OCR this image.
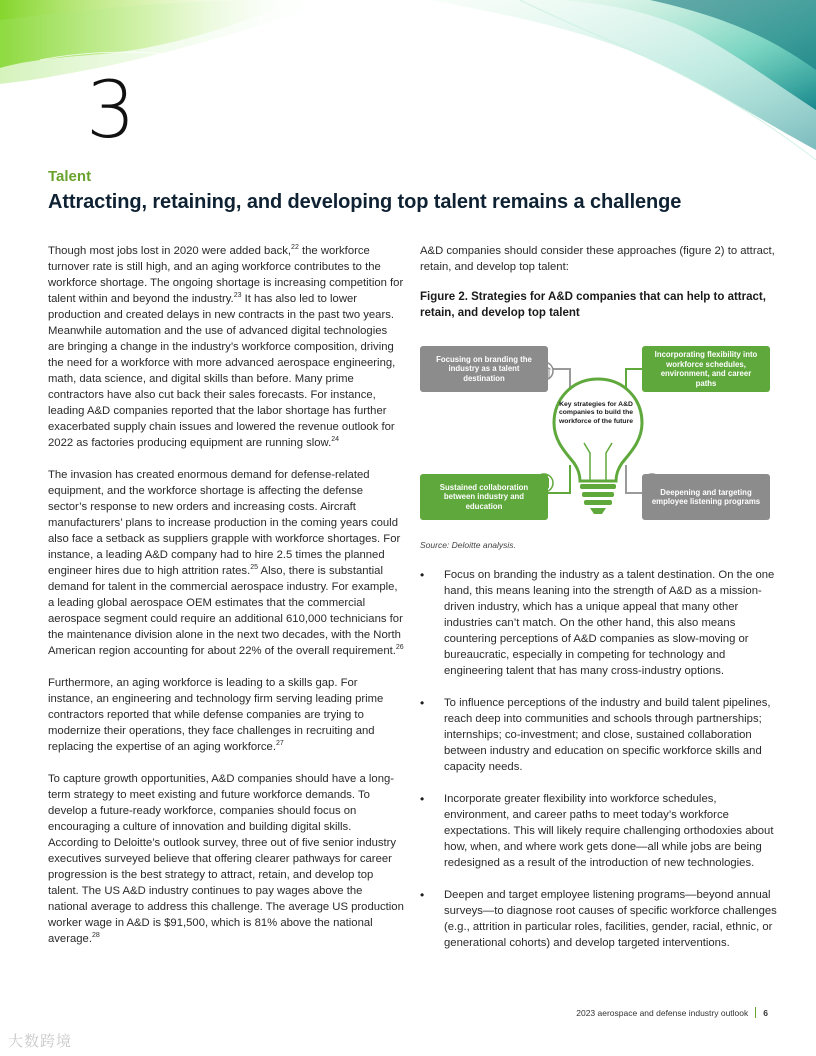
3
Talent
Attracting, retaining, and developing top talent remains a challenge

Though most jobs lost in 2020 were added back,$^{22}$ the workforce turnover rate is still high, and an aging workforce contributes to the workforce shortage. The ongoing shortage is increasing competition for talent within and beyond the industry.$^{23}$ It has also led to lower production and created delays in new contracts in the past two years. Meanwhile automation and the use of advanced digital technologies are bringing a change in the industry’s workforce composition, driving the need for a workforce with more advanced aerospace engineering, math, data science, and digital skills than before. Many prime contractors have also cut back their sales forecasts. For instance, leading A&D companies reported that the labor shortage has further exacerbated supply chain issues and lowered the revenue outlook for 2022 as factories producing equipment are running slow.$^{24}$

The invasion has created enormous demand for defense-related equipment, and the workforce shortage is affecting the defense sector’s response to new orders and increasing costs. Aircraft manufacturers’ plans to increase production in the coming years could also face a setback as suppliers grapple with workforce shortages. For instance, a leading A&D company had to hire 2.5 times the planned engineer hires due to high attrition rates.$^{25}$ Also, there is substantial demand for talent in the commercial aerospace industry. For example, a leading global aerospace OEM estimates that the commercial aerospace segment could require an additional 610,000 technicians for the maintenance division alone in the next two decades, with the North American region accounting for about 22% of the overall requirement.$^{26}$

Furthermore, an aging workforce is leading to a skills gap. For instance, an engineering and technology firm serving leading prime contractors reported that while defense companies are trying to modernize their operations, they face challenges in recruiting and replacing the expertise of an aging workforce.$^{27}$

To capture growth opportunities, A&D companies should have a long-term strategy to meet existing and future workforce demands. To develop a future-ready workforce, companies should focus on encouraging a culture of innovation and building digital skills. According to Deloitte’s outlook survey, three out of five senior industry executives surveyed believe that offering clearer pathways for career progression is the best strategy to attract, retain, and develop top talent. The US A&D industry continues to pay wages above the national average to address this challenge. The average US production worker wage in A&D is $91,500, which is 81% above the national average.$^{28}$

A&D companies should consider these approaches (figure 2) to attract, retain, and develop top talent:

Figure 2. Strategies for A&D companies that can help to attract, retain, and develop top talent
Focusing on branding the industry as a talent destination
Incorporating flexibility into workforce schedules, environment, and career paths
Sustained collaboration between industry and education
Deepening and targeting employee listening programs
Key strategies for A&D companies to build the workforce of the future
Source: Deloitte analysis.
• Focus on branding the industry as a talent destination. On the one hand, this means leaning into the strength of A&D as a mission-driven industry, which has a unique appeal that many other industries can’t match. On the other hand, this also means countering perceptions of A&D companies as slow-moving or bureaucratic, especially in competing for technology and engineering talent that has many cross-industry options.
• To influence perceptions of the industry and build talent pipelines, reach deep into communities and schools through partnerships; internships; co-investment; and close, sustained collaboration between industry and education on specific workforce skills and capacity needs.
• Incorporate greater flexibility into workforce schedules, environment, and career paths to meet today’s workforce expectations. This will likely require challenging orthodoxies about how, when, and where work gets done—all while jobs are being redesigned as a result of the introduction of new technologies.
• Deepen and target employee listening programs—beyond annual surveys—to diagnose root causes of specific workforce challenges (e.g., attrition in particular roles, facilities, gender, racial, ethnic, or generational cohorts) and develop targeted interventions.
2023 aerospace and defense industry outlook 6
大数跨境
